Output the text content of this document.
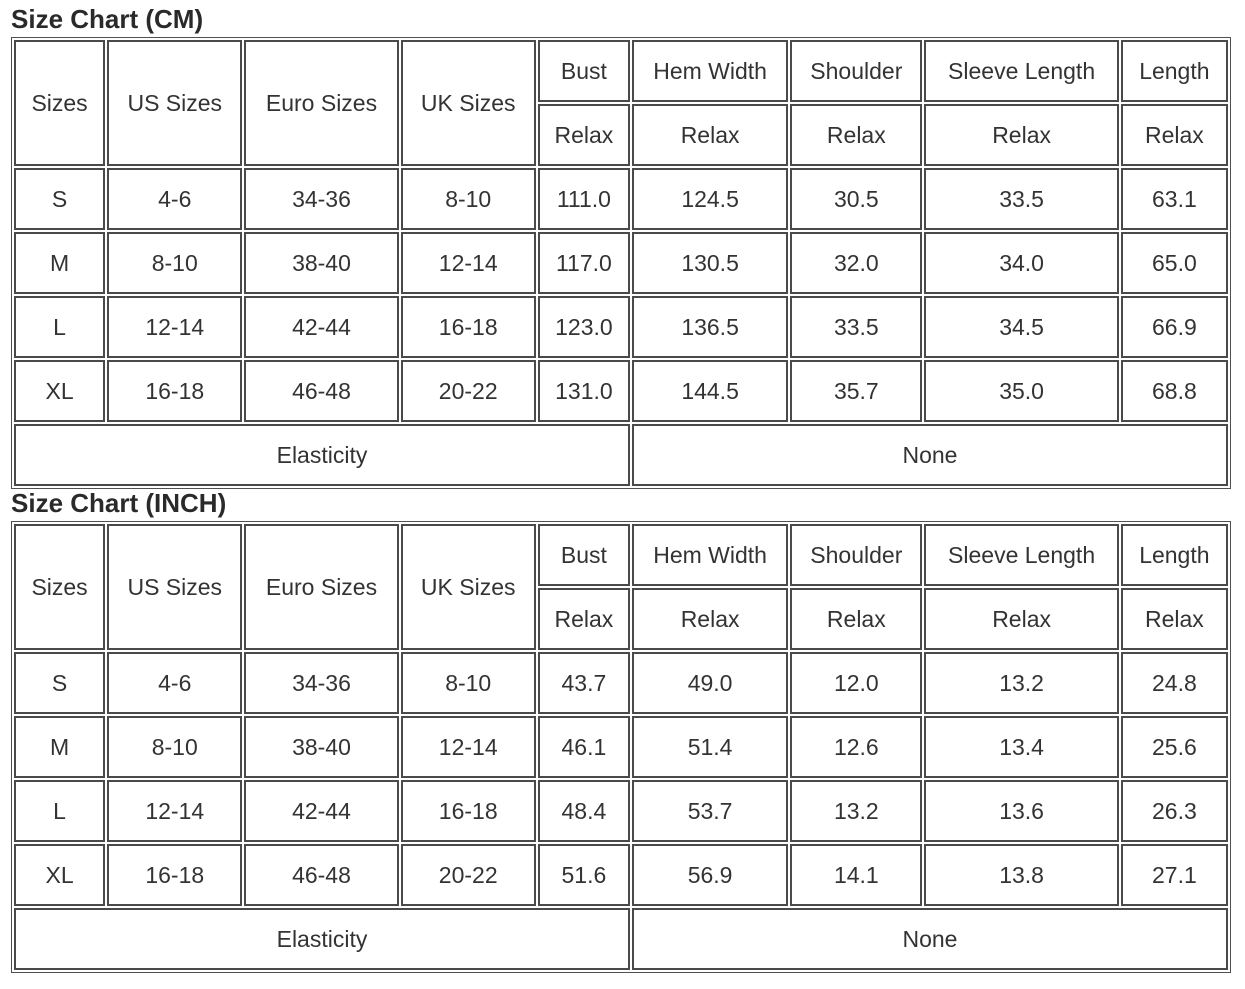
Size Chart (CM)
Sizes	US Sizes	Euro Sizes	UK Sizes	Bust	Hem Width	Shoulder	Sleeve Length	Length
				Relax	Relax	Relax	Relax	Relax
S	4-6	34-36	8-10	111.0	124.5	30.5	33.5	63.1
M	8-10	38-40	12-14	117.0	130.5	32.0	34.0	65.0
L	12-14	42-44	16-18	123.0	136.5	33.5	34.5	66.9
XL	16-18	46-48	20-22	131.0	144.5	35.7	35.0	68.8
Elasticity					None			
Size Chart (INCH)
Sizes	US Sizes	Euro Sizes	UK Sizes	Bust	Hem Width	Shoulder	Sleeve Length	Length
				Relax	Relax	Relax	Relax	Relax
S	4-6	34-36	8-10	43.7	49.0	12.0	13.2	24.8
M	8-10	38-40	12-14	46.1	51.4	12.6	13.4	25.6
L	12-14	42-44	16-18	48.4	53.7	13.2	13.6	26.3
XL	16-18	46-48	20-22	51.6	56.9	14.1	13.8	27.1
Elasticity					None			
